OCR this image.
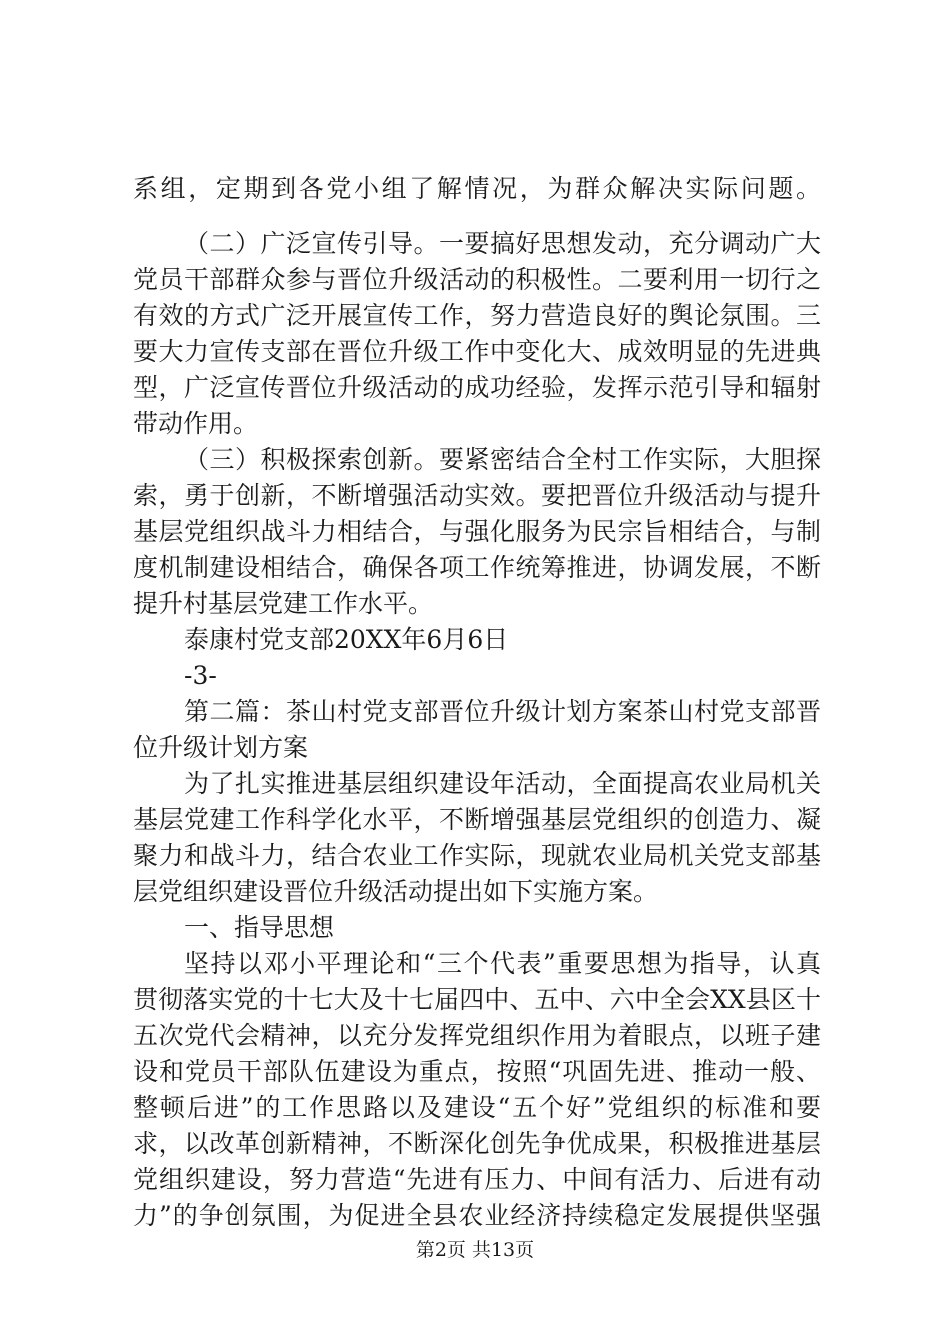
系组，定期到各党小组了解情况，为群众解决实际问题。
（二）广泛宣传引导。一要搞好思想发动，充分调动广大
党员干部群众参与晋位升级活动的积极性。二要利用一切行之
有效的方式广泛开展宣传工作，努力营造良好的舆论氛围。三
要大力宣传支部在晋位升级工作中变化大、成效明显的先进典
型，广泛宣传晋位升级活动的成功经验，发挥示范引导和辐射
带动作用。
（三）积极探索创新。要紧密结合全村工作实际，大胆探
索，勇于创新，不断增强活动实效。要把晋位升级活动与提升
基层党组织战斗力相结合，与强化服务为民宗旨相结合，与制
度机制建设相结合，确保各项工作统筹推进，协调发展，不断
提升村基层党建工作水平。
泰康村党支部20XX年6月6日
-3-
第二篇：茶山村党支部晋位升级计划方案茶山村党支部晋
位升级计划方案
为了扎实推进基层组织建设年活动，全面提高农业局机关
基层党建工作科学化水平，不断增强基层党组织的创造力、凝
聚力和战斗力，结合农业工作实际，现就农业局机关党支部基
层党组织建设晋位升级活动提出如下实施方案。
一、指导思想
坚持以邓小平理论和“三个代表”重要思想为指导，认真
贯彻落实党的十七大及十七届四中、五中、六中全会XX县区十
五次党代会精神，以充分发挥党组织作用为着眼点，以班子建
设和党员干部队伍建设为重点，按照“巩固先进、推动一般、
整顿后进”的工作思路以及建设“五个好”党组织的标准和要
求，以改革创新精神，不断深化创先争优成果，积极推进基层
党组织建设，努力营造“先进有压力、中间有活力、后进有动
力”的争创氛围，为促进全县农业经济持续稳定发展提供坚强
第2页 共13页
